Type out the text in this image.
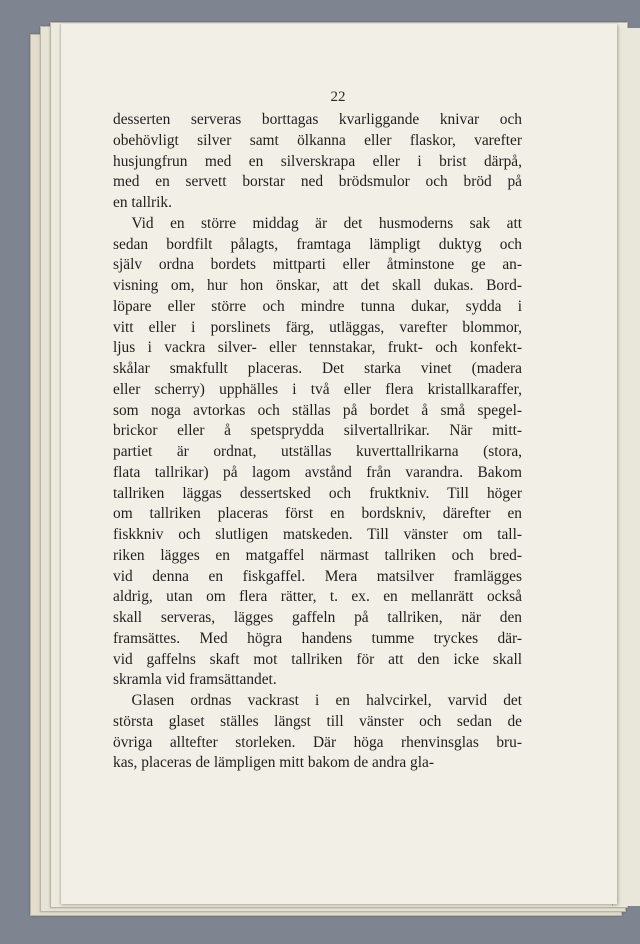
22
desserten serveras borttagas kvarliggande knivar och
obehövligt silver samt ölkanna eller flaskor, varefter
husjungfrun med en silverskrapa eller i brist därpå,
med en servett borstar ned brödsmulor och bröd på
en tallrik.
Vid en större middag är det husmoderns sak att
sedan bordfilt pålagts, framtaga lämpligt duktyg och
själv ordna bordets mittparti eller åtminstone ge an-
visning om, hur hon önskar, att det skall dukas. Bord-
löpare eller större och mindre tunna dukar, sydda i
vitt eller i porslinets färg, utläggas, varefter blommor,
ljus i vackra silver- eller tennstakar, frukt- och konfekt-
skålar smakfullt placeras. Det starka vinet (madera
eller scherry) upphälles i två eller flera kristallkaraffer,
som noga avtorkas och ställas på bordet å små spegel-
brickor eller å spetsprydda silvertallrikar. När mitt-
partiet är ordnat, utställas kuverttallrikarna (stora,
flata tallrikar) på lagom avstånd från varandra. Bakom
tallriken läggas dessertsked och fruktkniv. Till höger
om tallriken placeras först en bordskniv, därefter en
fiskkniv och slutligen matskeden. Till vänster om tall-
riken lägges en matgaffel närmast tallriken och bred-
vid denna en fiskgaffel. Mera matsilver framlägges
aldrig, utan om flera rätter, t. ex. en mellanrätt också
skall serveras, lägges gaffeln på tallriken, när den
framsättes. Med högra handens tumme tryckes där-
vid gaffelns skaft mot tallriken för att den icke skall
skramla vid framsättandet.
Glasen ordnas vackrast i en halvcirkel, varvid det
största glaset ställes längst till vänster och sedan de
övriga alltefter storleken. Där höga rhenvinsglas bru-
kas, placeras de lämpligen mitt bakom de andra gla-
